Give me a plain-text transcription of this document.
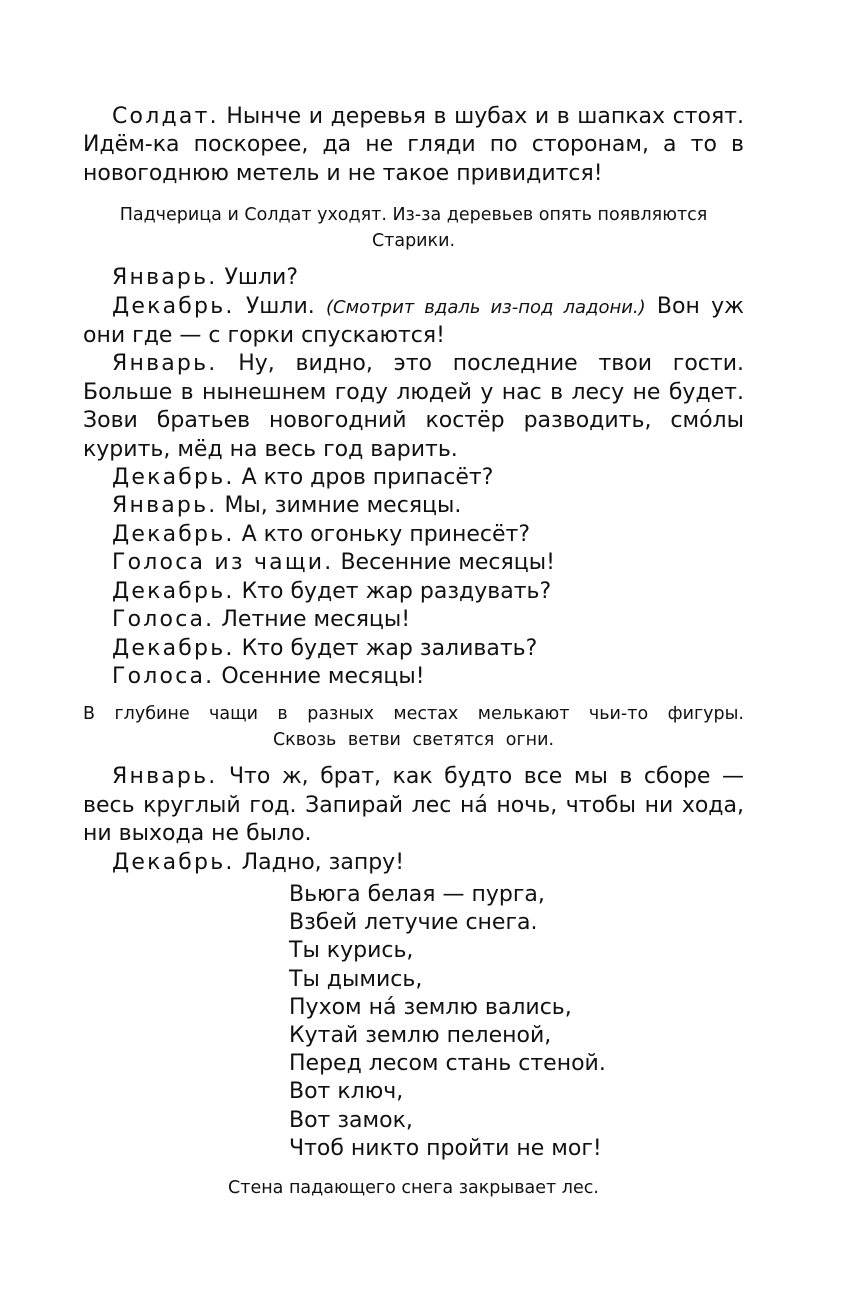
Солдат. Нынче и деревья в шубах и в шапках стоят. Идём-ка поскорее, да не гляди по сторонам, а то в новогоднюю метель и не такое привидится!

Падчерица и Солдат уходят. Из-за деревьев опять появляются Старики.

Январь. Ушли?

Декабрь. Ушли. (Смотрит вдаль из-под ладони.) Вон уж они где — с горки спускаются!

Январь. Ну, видно, это последние твои гости. Больше в нынешнем году людей у нас в лесу не будет. Зови братьев новогодний костёр разводить, смо́лы курить, мёд на весь год варить.

Декабрь. А кто дров припасёт?

Январь. Мы, зимние месяцы.

Декабрь. А кто огоньку принесёт?

Голоса из чащи. Весенние месяцы!

Декабрь. Кто будет жар раздувать?

Голоса. Летние месяцы!

Декабрь. Кто будет жар заливать?

Голоса. Осенние месяцы!

В глубине чащи в разных местах мелькают чьи-то фигуры. Сквозь ветви светятся огни.

Январь. Что ж, брат, как будто все мы в сборе — весь круглый год. Запирай лес на́ ночь, чтобы ни хода, ни выхода не было.

Декабрь. Ладно, запру!

Вьюга белая — пурга,
Взбей летучие снега.
Ты курись,
Ты дымись,
Пухом на́ землю вались,
Кутай землю пеленой,
Перед лесом стань стеной.
Вот ключ,
Вот замок,
Чтоб никто пройти не мог!

Стена падающего снега закрывает лес.
